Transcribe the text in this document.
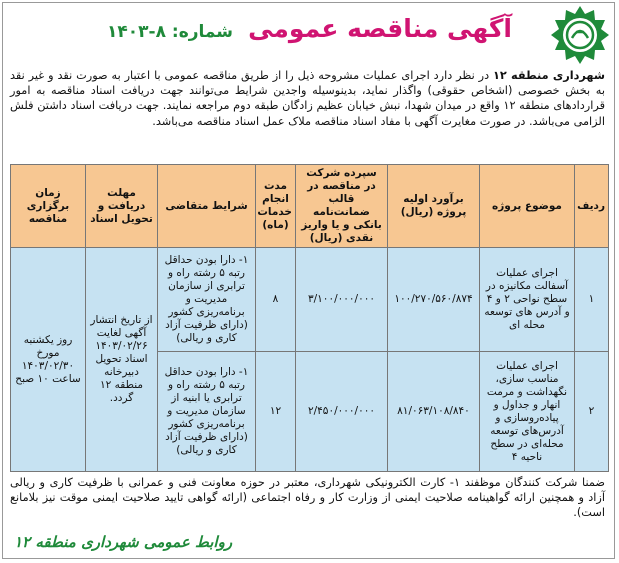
آگهی مناقصه عمومی شماره: ۸-۱۴۰۳
شهرداری منطقه ۱۲ در نظر دارد اجرای عملیات مشروحه ذیل را از طریق مناقصه عمومی با اعتبار به صورت نقد و غیر نقد به بخش خصوصی (اشخاص حقوقی) واگذار نماید، بدینوسیله واجدین شرایط می‌توانند جهت دریافت اسناد مناقصه به امور قراردادهای منطقه ۱۲ واقع در میدان شهدا، نبش خیابان عظیم زادگان طبقه دوم مراجعه نمایند. جهت دریافت اسناد داشتن فلش الزامی می‌باشد. در صورت مغایرت آگهی با مفاد اسناد مناقصه ملاک عمل اسناد مناقصه می‌باشد.
ردیف	موضوع پروژه	برآورد اولیه پروژه (ریال)	سپرده شرکت در مناقصه در قالب ضمانت‌نامه بانکی و یا واریز نقدی (ریال)	مدت انجام خدمات (ماه)	شرایط متقاضی	مهلت دریافت و تحویل اسناد	زمان برگزاری مناقصه
۱	اجرای عملیات آسفالت مکانیزه در سطح نواحی ۲ و ۴ و آدرس های توسعه محله ای	۱۰۰/۲۷۰/۵۶۰/۸۷۴	۳/۱۰۰/۰۰۰/۰۰۰	۸	۱- دارا بودن حداقل رتبه ۵ رشته راه و ترابری از سازمان مدیریت و برنامه‌ریزی کشور (دارای ظرفیت آزاد کاری و ریالی)	از تاریخ انتشار آگهی لغایت ۱۴۰۳/۰۲/۲۶ اسناد تحویل دبیرخانه منطقه ۱۲ گردد.	روز یکشنبه مورخ ۱۴۰۳/۰۲/۳۰ ساعت ۱۰ صبح
۲	اجرای عملیات مناسب سازی، نگهداشت و مرمت انهار و جداول و پیاده‌روسازی و آدرس‌های توسعه محله‌ای در سطح ناحیه ۴	۸۱/۰۶۳/۱۰۸/۸۴۰	۲/۴۵۰/۰۰۰/۰۰۰	۱۲	۱- دارا بودن حداقل رتبه ۵ رشته راه و ترابری یا ابنیه از سازمان مدیریت و برنامه‌ریزی کشور (دارای ظرفیت آزاد کاری و ریالی)		
ضمنا شرکت کنندگان موظفند ۱- کارت الکترونیکی شهرداری، معتبر در حوزه معاونت فنی و عمرانی با ظرفیت کاری و ریالی آزاد و همچنین ارائه گواهینامه صلاحیت ایمنی از وزارت کار و رفاه اجتماعی (ارائه گواهی تایید صلاحیت ایمنی موقت نیز بلامانع است).
روابط عمومی شهرداری منطقه ۱۲
